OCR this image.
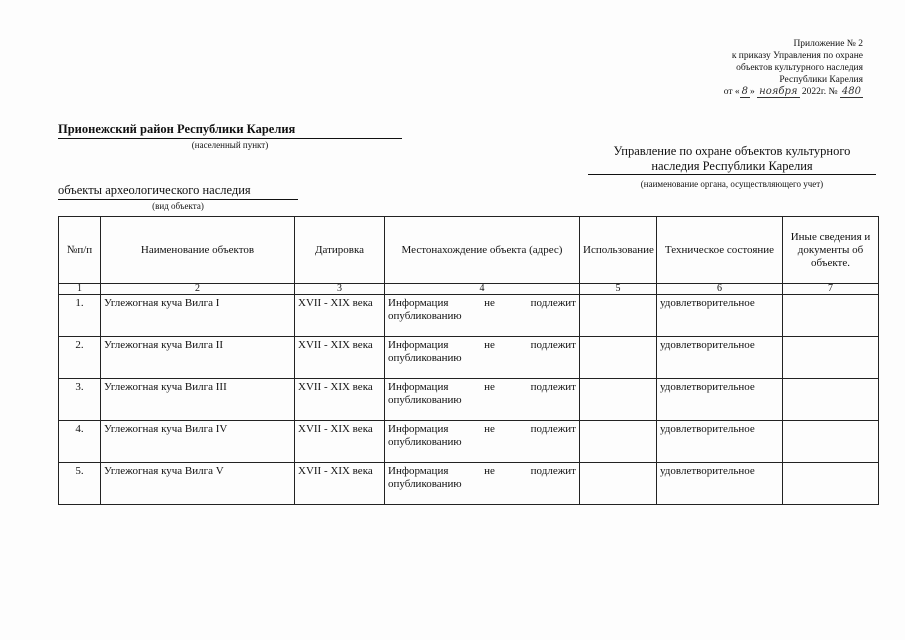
Приложение № 2
к приказу Управления по охране
объектов культурного наследия
Республики Карелия
от « 8 » ноября 2022г. № 480
Прионежский район Республики Карелия
(населенный пункт)
объекты археологического наследия
(вид объекта)
Управление по охране объектов культурного
наследия Республики Карелия
(наименование органа, осуществляющего учет)
№п/п	Наименование объектов	Датировка	Местонахождение объекта (адрес)	Использование	Техническое состояние	Иные сведения и документы об объекте.
1	2	3	4	5	6	7
1.	Углежогная куча Вилга I	XVII - XIX века	Информация не подлежит опубликованию		удовлетворительное	
2.	Углежогная куча Вилга II	XVII - XIX века	Информация не подлежит опубликованию		удовлетворительное	
3.	Углежогная куча Вилга III	XVII - XIX века	Информация не подлежит опубликованию		удовлетворительное	
4.	Углежогная куча Вилга IV	XVII - XIX века	Информация не подлежит опубликованию		удовлетворительное	
5.	Углежогная куча Вилга V	XVII - XIX века	Информация не подлежит опубликованию		удовлетворительное	
